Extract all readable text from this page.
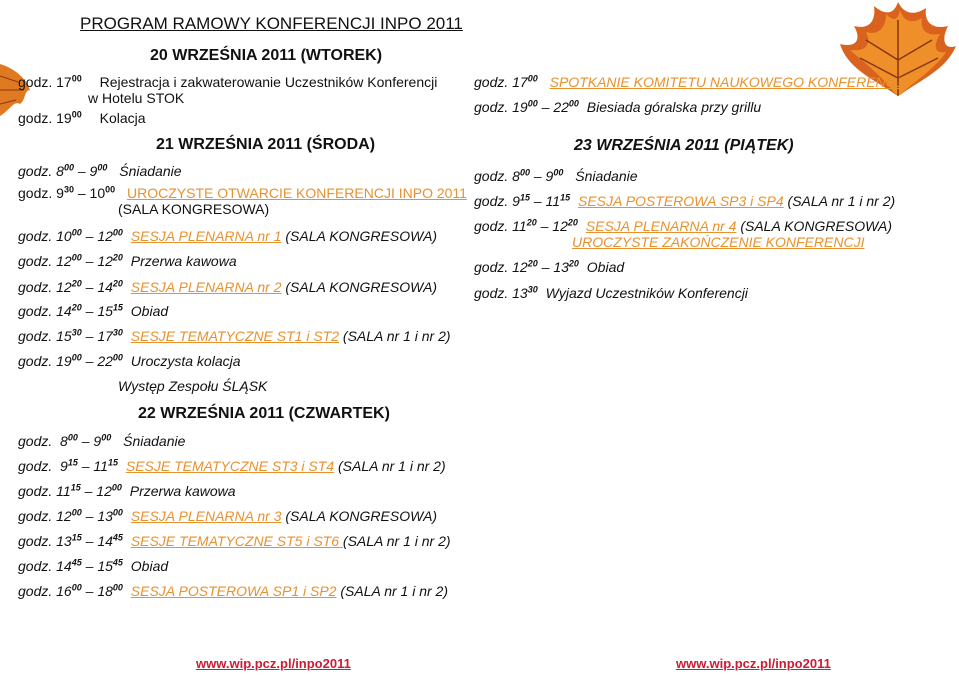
PROGRAM RAMOWY KONFERENCJI INPO 2011
20 WRZEŚNIA 2011 (WTOREK)
godz. $17^{00}$ Rejestracja i zakwaterowanie Uczestników Konferencji
w Hotelu STOK
godz. $19^{00}$ Kolacja
21 WRZEŚNIA 2011 (ŚRODA)
godz. $8^{00} - 9^{00}$ Śniadanie
godz. $9^{30} - 10^{00}$ UROCZYSTE OTWARCIE KONFERENCJI INPO 2011
(SALA KONGRESOWA)
godz. $10^{00} - 12^{00}$ SESJA PLENARNA nr 1 (SALA KONGRESOWA)
godz. $12^{00} - 12^{20}$ Przerwa kawowa
godz. $12^{20} - 14^{20}$ SESJA PLENARNA nr 2 (SALA KONGRESOWA)
godz. $14^{20} - 15^{15}$ Obiad
godz. $15^{30} - 17^{30}$ SESJE TEMATYCZNE ST1 i ST2 (SALA nr 1 i nr 2)
godz. $19^{00} - 22^{00}$ Uroczysta kolacja
Występ Zespołu ŚLĄSK
22 WRZEŚNIA 2011 (CZWARTEK)
godz. $8^{00} - 9^{00}$ Śniadanie
godz. $9^{15} - 11^{15}$ SESJE TEMATYCZNE ST3 i ST4 (SALA nr 1 i nr 2)
godz. $11^{15} - 12^{00}$ Przerwa kawowa
godz. $12^{00} - 13^{00}$ SESJA PLENARNA nr 3 (SALA KONGRESOWA)
godz. $13^{15} - 14^{45}$ SESJE TEMATYCZNE ST5 i ST6 (SALA nr 1 i nr 2)
godz. $14^{45} - 15^{45}$ Obiad
godz. $16^{00} - 18^{00}$ SESJA POSTEROWA SP1 i SP2 (SALA nr 1 i nr 2)
godz. $17^{00}$ SPOTKANIE KOMITETU NAUKOWEGO KONFERENCJI
godz. $19^{00} - 22^{00}$ Biesiada góralska przy grillu
23 WRZEŚNIA 2011 (PIĄTEK)
godz. $8^{00} - 9^{00}$ Śniadanie
godz. $9^{15} - 11^{15}$ SESJA POSTEROWA SP3 i SP4 (SALA nr 1 i nr 2)
godz. $11^{20} - 12^{20}$ SESJA PLENARNA nr 4 (SALA KONGRESOWA)
UROCZYSTE ZAKOŃCZENIE KONFERENCJI
godz. $12^{20} - 13^{20}$ Obiad
godz. $13^{30}$ Wyjazd Uczestników Konferencji
www.wip.pcz.pl/inpo2011	www.wip.pcz.pl/inpo2011
